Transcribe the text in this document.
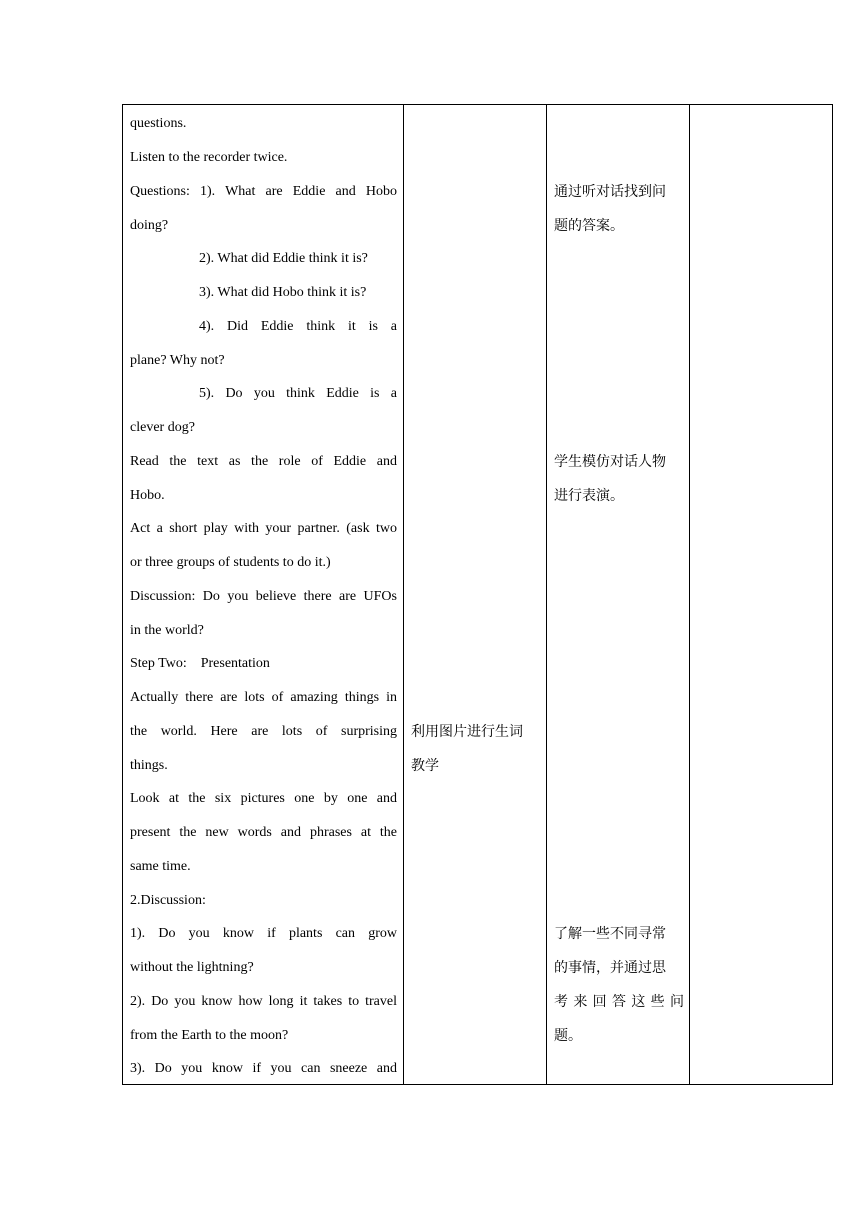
questions.
Listen to the recorder twice.
Questions: 1). What are Eddie and Hobo
doing?
2). What did Eddie think it is?
3). What did Hobo think it is?
4). Did Eddie think it is a
plane? Why not?
5). Do you think Eddie is a
clever dog?
Read the text as the role of Eddie and
Hobo.
Act a short play with your partner. (ask two
or three groups of students to do it.)
Discussion: Do you believe there are UFOs
in the world?
Step Two:    Presentation
Actually there are lots of amazing things in
the world. Here are lots of surprising
things.
Look at the six pictures one by one and
present the new words and phrases at the
same time.
2.Discussion:
1). Do you know if plants can grow
without the lightning?
2). Do you know how long it takes to travel
from the Earth to the moon?
3). Do you know if you can sneeze and
利用图片进行生词
教学
通过听对话找到问
题的答案。
学生模仿对话人物
进行表演。
了解一些不同寻常
的事情，并通过思
考来回答这些问
题。
